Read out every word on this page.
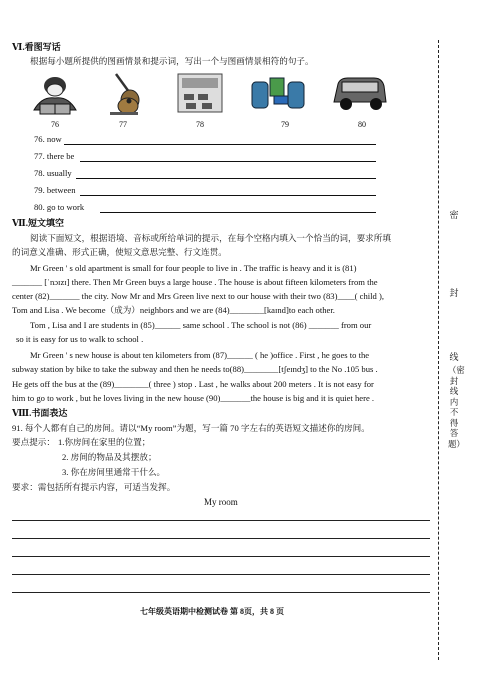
Ⅵ.看图写话
根据每小题所提供的图画情景和提示词，写出一个与图画情景相符的句子。
76	77	78	79	80
76. now
77. there be
78. usually
79. between
80. go to work
Ⅶ.短文填空
阅读下面短文，根据语境、音标或所给单词的提示，在每个空格内填入一个恰当的词，要求所填
的词意义准确、形式正确，使短文意思完整、行文连贯。
Mr Green ' s old apartment is small for four people to live in . The traffic is heavy and it is (81)
_______ [ˈnɔɪzɪ] there. Then Mr Green buys a large house . The house is about fifteen kilometers from the
center (82)_______ the city. Now Mr and Mrs Green live next to our house with their two (83)____( child ),
Tom and Lisa . We become（成为）neighbors and we are (84)________[kaɪnd]to each other.
Tom , Lisa and I are students in (85)______ same school . The school is not (86) _______ from our
so it is easy for us to walk to school .
Mr Green ' s new house is about ten kilometers from (87)______ ( he )office . First , he goes to the
subway station by bike to take the subway and then he needs to(88)________[tʃeɪndʒ] to the No .105 bus .
He gets off the bus at the (89)________( three ) stop . Last , he walks about 200 meters . It is not easy for
him to go to work , but he loves living in the new house (90)_______the house is big and it is quiet here .
Ⅷ.书面表达
91. 每个人都有自己的房间。请以“My room”为题，写一篇 70 字左右的英语短文描述你的房间。
要点提示： 1.你房间在家里的位置；
2. 房间的物品及其摆放；
3. 你在房间里通常干什么。
要求：需包括所有提示内容，可适当发挥。
My room
七年级英语期中检测试卷 第 8页，共 8 页
密
封
线
（密封线内不得答题）
